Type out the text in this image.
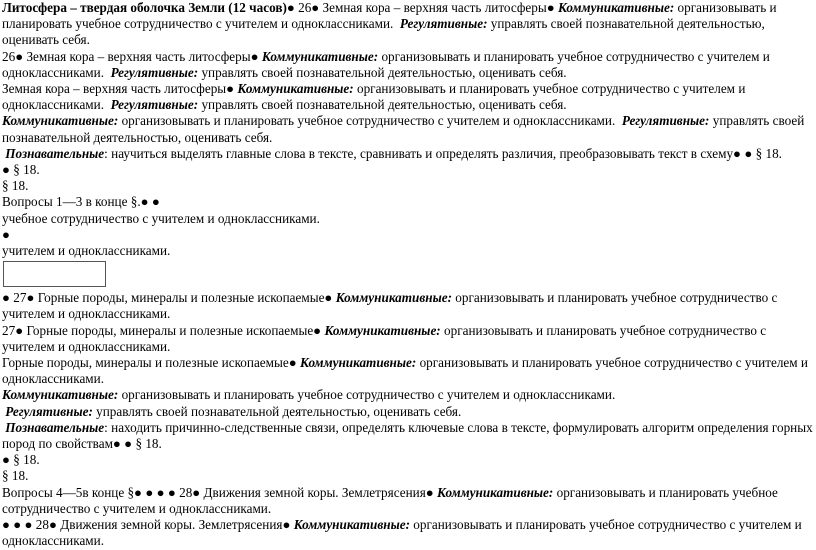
Литосфера – твердая оболочка Земли (12 часов)● 26● Земная кора – верхняя часть литосферы● Коммуникативные: организовывать и планировать учебное сотрудничество с учителем и одноклассниками. Регулятивные: управлять своей познавательной деятельностью, оценивать себя.

26● Земная кора – верхняя часть литосферы● Коммуникативные: организовывать и планировать учебное сотрудничество с учителем и одноклассниками. Регулятивные: управлять своей познавательной деятельностью, оценивать себя.

Земная кора – верхняя часть литосферы● Коммуникативные: организовывать и планировать учебное сотрудничество с учителем и одноклассниками. Регулятивные: управлять своей познавательной деятельностью, оценивать себя.

Коммуникативные: организовывать и планировать учебное сотрудничество с учителем и одноклассниками. Регулятивные: управлять своей познавательной деятельностью, оценивать себя.

Познавательные: научиться выделять главные слова в тексте, сравнивать и определять различия, преобразовывать текст в схему● ● § 18.

● § 18.

§ 18.

Вопросы 1—3 в конце §.● ●

учебное сотрудничество с учителем и одноклассниками.

●

учителем и одноклассниками.

● 27● Горные породы, минералы и полезные ископаемые● Коммуникативные: организовывать и планировать учебное сотрудничество с учителем и одноклассниками.

27● Горные породы, минералы и полезные ископаемые● Коммуникативные: организовывать и планировать учебное сотрудничество с учителем и одноклассниками.

Горные породы, минералы и полезные ископаемые● Коммуникативные: организовывать и планировать учебное сотрудничество с учителем и одноклассниками.

Коммуникативные: организовывать и планировать учебное сотрудничество с учителем и одноклассниками.

Регулятивные: управлять своей познавательной деятельностью, оценивать себя.

Познавательные: находить причинно-следственные связи, определять ключевые слова в тексте, формулировать алгоритм определения горных пород по свойствам● ● § 18.

● § 18.

§ 18.

Вопросы 4—5в конце §● ● ● ● 28● Движения земной коры. Землетрясения● Коммуникативные: организовывать и планировать учебное сотрудничество с учителем и одноклассниками.

● ● ● 28● Движения земной коры. Землетрясения● Коммуникативные: организовывать и планировать учебное сотрудничество с учителем и одноклассниками.
